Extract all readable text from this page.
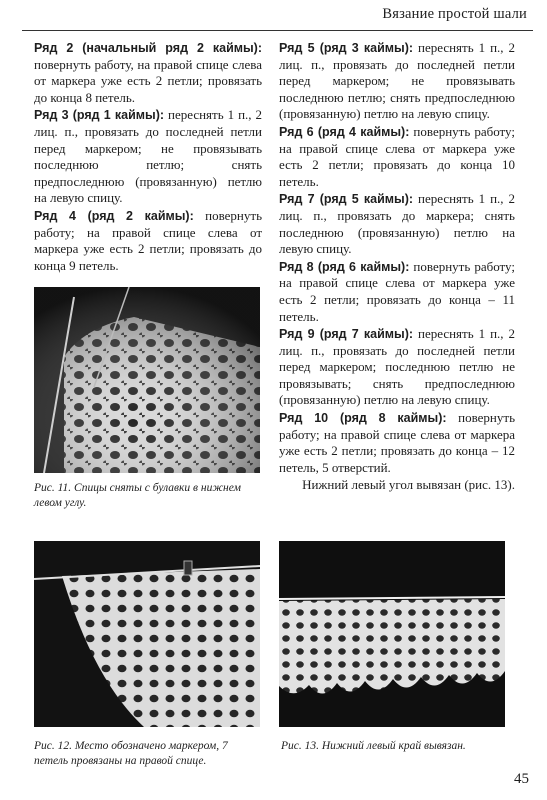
Вязание простой шали

Ряд 2 (начальный ряд 2 каймы): повернуть работу, на правой спице слева от маркера уже есть 2 петли; провязать до конца 8 петель.

Ряд 3 (ряд 1 каймы): переснять 1 п., 2 лиц. п., провязать до последней петли перед маркером; не провязывать последнюю петлю; снять предпоследнюю (провязанную) петлю на левую спицу.

Ряд 4 (ряд 2 каймы): повернуть работу; на правой спице слева от маркера уже есть 2 петли; провязать до конца 9 петель.

Ряд 5 (ряд 3 каймы): переснять 1 п., 2 лиц. п., провязать до последней петли перед маркером; не провязывать последнюю петлю; снять предпоследнюю (провязанную) петлю на левую спицу.

Ряд 6 (ряд 4 каймы): повернуть работу; на правой спице слева от маркера уже есть 2 петли; провязать до конца 10 петель.

Ряд 7 (ряд 5 каймы): переснять 1 п., 2 лиц. п., провязать до маркера; снять последнюю (провязанную) петлю на левую спицу.

Ряд 8 (ряд 6 каймы): повернуть работу; на правой спице слева от маркера уже есть 2 петли; провязать до конца – 11 петель.

Ряд 9 (ряд 7 каймы): переснять 1 п., 2 лиц. п., провязать до последней петли перед маркером; последнюю петлю не провязывать; снять предпоследнюю (провязанную) петлю на левую спицу.

Ряд 10 (ряд 8 каймы): повернуть работу; на правой спице слева от маркера уже есть 2 петли; провязать до конца – 12 петель, 5 отверстий.

Нижний левый угол вывязан (рис. 13).

Рис. 11. Спицы сняты с булавки в нижнем левом углу.
Рис. 12. Место обозначено маркером, 7 петель провязаны на правой спице.
Рис. 13. Нижний левый край вывязан.
45
